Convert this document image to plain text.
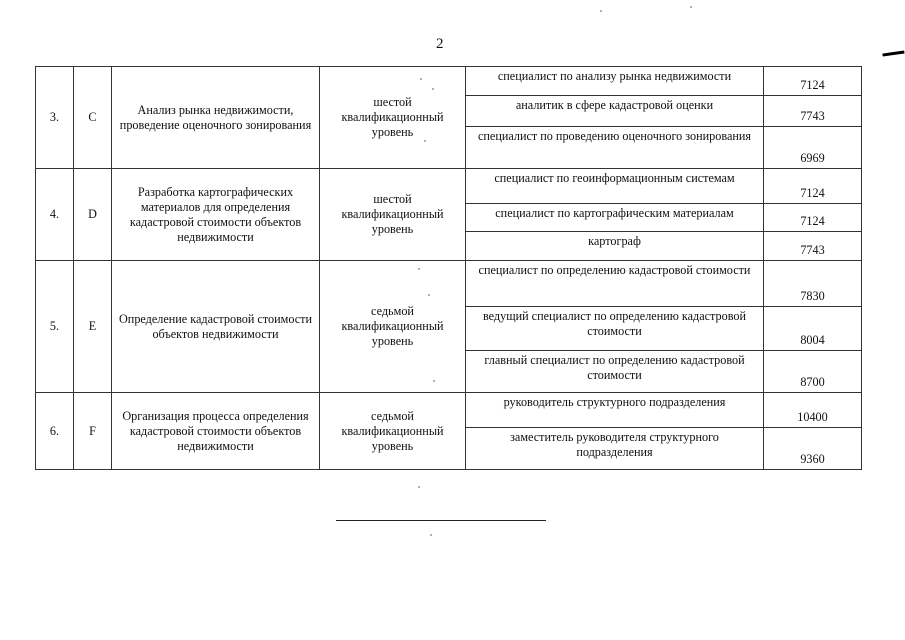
2
3.	C	Анализ рынка недвижимости, проведение оценочного зонирования	шестой квалификационный уровень	специалист по анализу рынка недвижимости	7124
				аналитик в сфере кадастровой оценки	7743
				специалист по проведению оценочного зонирования	6969
4.	D	Разработка картографических материалов для определения кадастровой стоимости объектов недвижимости	шестой квалификационный уровень	специалист по геоинформационным системам	7124
				специалист по картографическим материалам	7124
				картограф	7743
5.	E	Определение кадастровой стоимости объектов недвижимости	седьмой квалификационный уровень	специалист по определению кадастровой стоимости	7830
				ведущий специалист по определению кадастровой стоимости	8004
				главный специалист по определению кадастровой стоимости	8700
6.	F	Организация процесса определения кадастровой стоимости объектов недвижимости	седьмой квалификационный уровень	руководитель структурного подразделения	10400
				заместитель руководителя структурного подразделения	9360
